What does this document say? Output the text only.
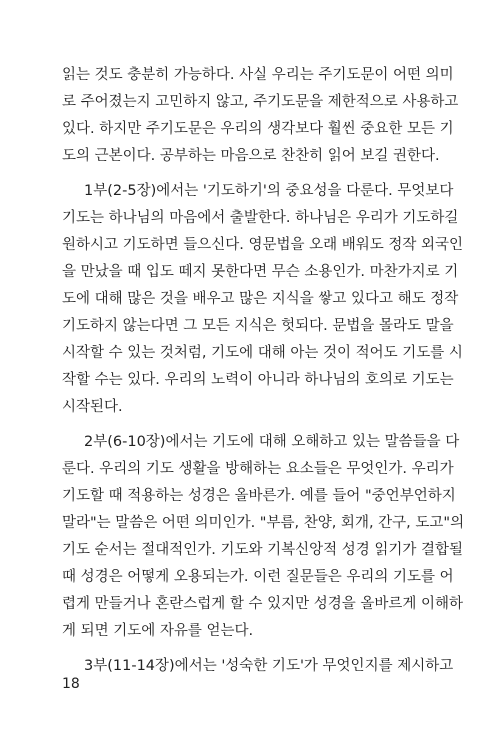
읽는 것도 충분히 가능하다. 사실 우리는 주기도문이 어떤 의미
로 주어졌는지 고민하지 않고, 주기도문을 제한적으로 사용하고
있다. 하지만 주기도문은 우리의 생각보다 훨씬 중요한 모든 기
도의 근본이다. 공부하는 마음으로 찬찬히 읽어 보길 권한다.
1부(2-5장)에서는 '기도하기'의 중요성을 다룬다. 무엇보다
기도는 하나님의 마음에서 출발한다. 하나님은 우리가 기도하길
원하시고 기도하면 들으신다. 영문법을 오래 배워도 정작 외국인
을 만났을 때 입도 떼지 못한다면 무슨 소용인가. 마찬가지로 기
도에 대해 많은 것을 배우고 많은 지식을 쌓고 있다고 해도 정작
기도하지 않는다면 그 모든 지식은 헛되다. 문법을 몰라도 말을
시작할 수 있는 것처럼, 기도에 대해 아는 것이 적어도 기도를 시
작할 수는 있다. 우리의 노력이 아니라 하나님의 호의로 기도는
시작된다.
2부(6-10장)에서는 기도에 대해 오해하고 있는 말씀들을 다
룬다. 우리의 기도 생활을 방해하는 요소들은 무엇인가. 우리가
기도할 때 적용하는 성경은 올바른가. 예를 들어 "중언부언하지
말라"는 말씀은 어떤 의미인가. "부름, 찬양, 회개, 간구, 도고"의
기도 순서는 절대적인가. 기도와 기복신앙적 성경 읽기가 결합될
때 성경은 어떻게 오용되는가. 이런 질문들은 우리의 기도를 어
렵게 만들거나 혼란스럽게 할 수 있지만 성경을 올바르게 이해하
게 되면 기도에 자유를 얻는다.
3부(11-14장)에서는 '성숙한 기도'가 무엇인지를 제시하고
18
